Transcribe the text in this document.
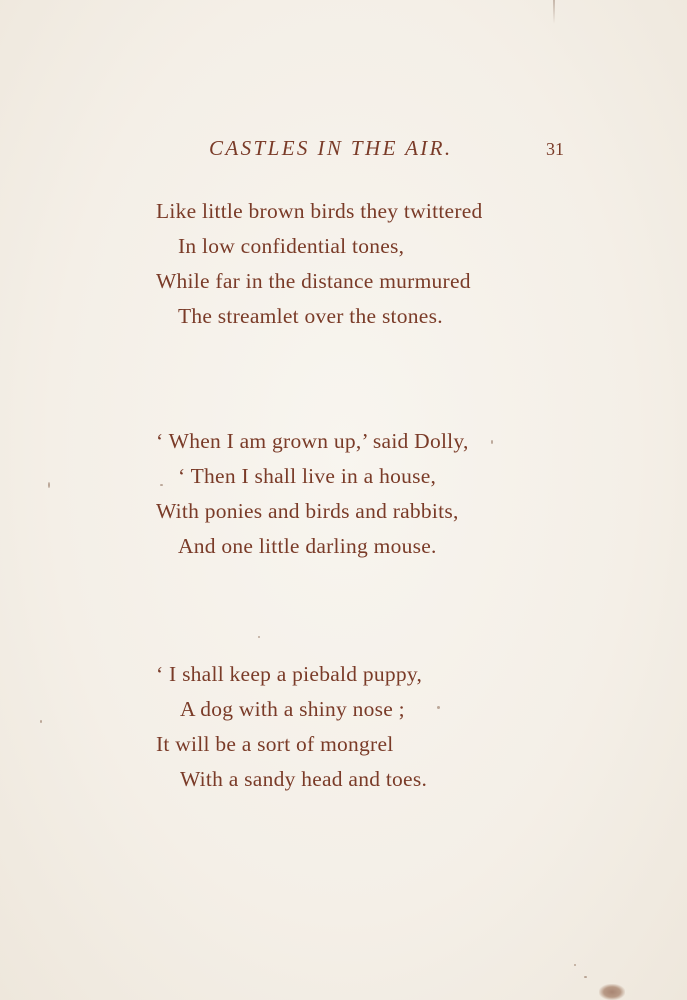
CASTLES IN THE AIR.	31
Like little brown birds they twittered
In low confidential tones,
While far in the distance murmured
The streamlet over the stones.
‘ When I am grown up,’ said Dolly,
‘ Then I shall live in a house,
With ponies and birds and rabbits,
And one little darling mouse.
‘ I shall keep a piebald puppy,
A dog with a shiny nose ;
It will be a sort of mongrel
With a sandy head and toes.
